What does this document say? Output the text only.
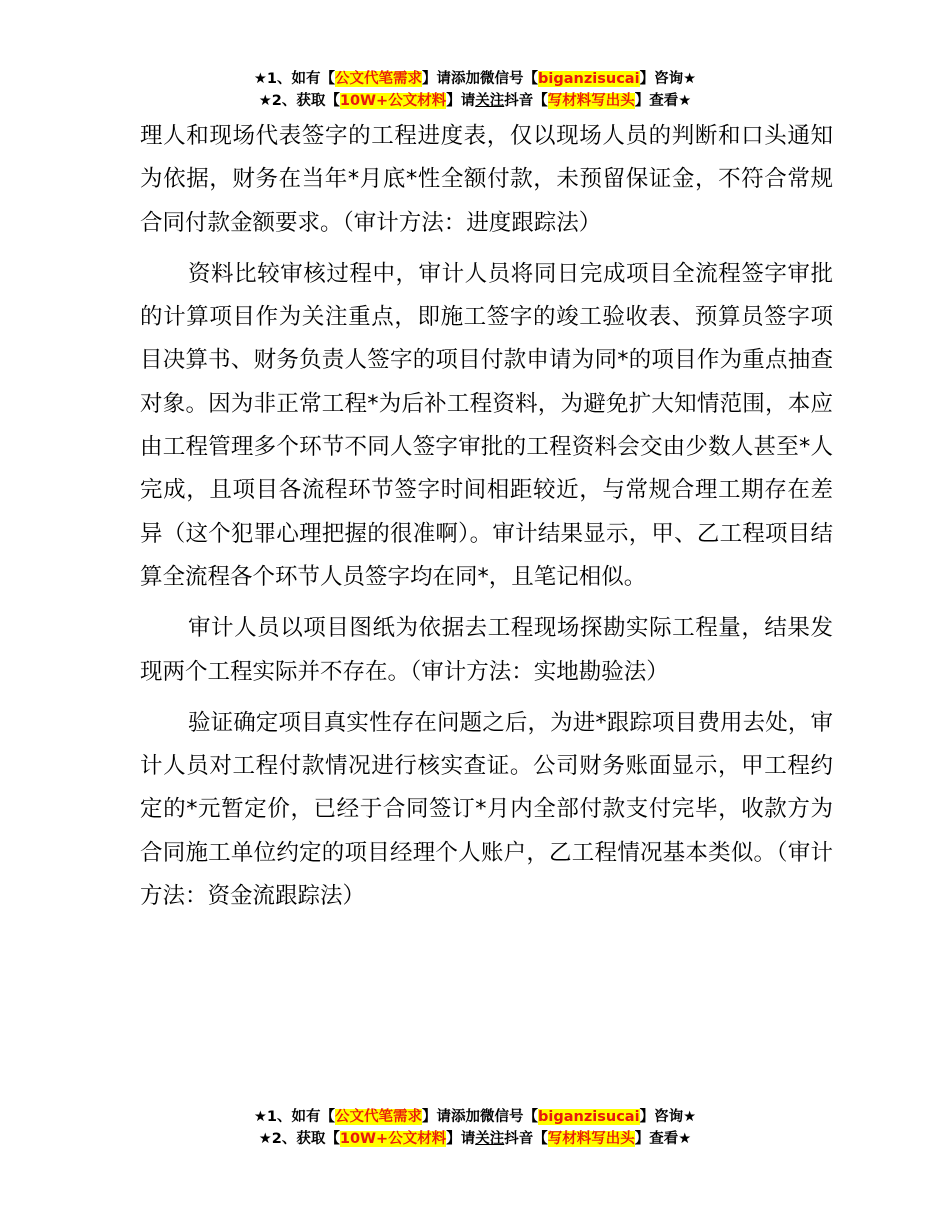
★1、如有【公文代笔需求】请添加微信号【biganzisucai】咨询★
★2、获取【10W+公文材料】请关注抖音【写材料写出头】查看★

理人和现场代表签字的工程进度表，仅以现场人员的判断和口头通知为依据，财务在当年*月底*性全额付款，未预留保证金，不符合常规合同付款金额要求。（审计方法：进度跟踪法）

资料比较审核过程中，审计人员将同日完成项目全流程签字审批的计算项目作为关注重点，即施工签字的竣工验收表、预算员签字项目决算书、财务负责人签字的项目付款申请为同*的项目作为重点抽查对象。因为非正常工程*为后补工程资料，为避免扩大知情范围，本应由工程管理多个环节不同人签字审批的工程资料会交由少数人甚至*人完成，且项目各流程环节签字时间相距较近，与常规合理工期存在差异（这个犯罪心理把握的很准啊）。审计结果显示，甲、乙工程项目结算全流程各个环节人员签字均在同*，且笔记相似。

审计人员以项目图纸为依据去工程现场探勘实际工程量，结果发现两个工程实际并不存在。（审计方法：实地勘验法）

验证确定项目真实性存在问题之后，为进*跟踪项目费用去处，审计人员对工程付款情况进行核实查证。公司财务账面显示，甲工程约定的*元暂定价，已经于合同签订*月内全部付款支付完毕，收款方为合同施工单位约定的项目经理个人账户，乙工程情况基本类似。（审计方法：资金流跟踪法）

★1、如有【公文代笔需求】请添加微信号【biganzisucai】咨询★
★2、获取【10W+公文材料】请关注抖音【写材料写出头】查看★
